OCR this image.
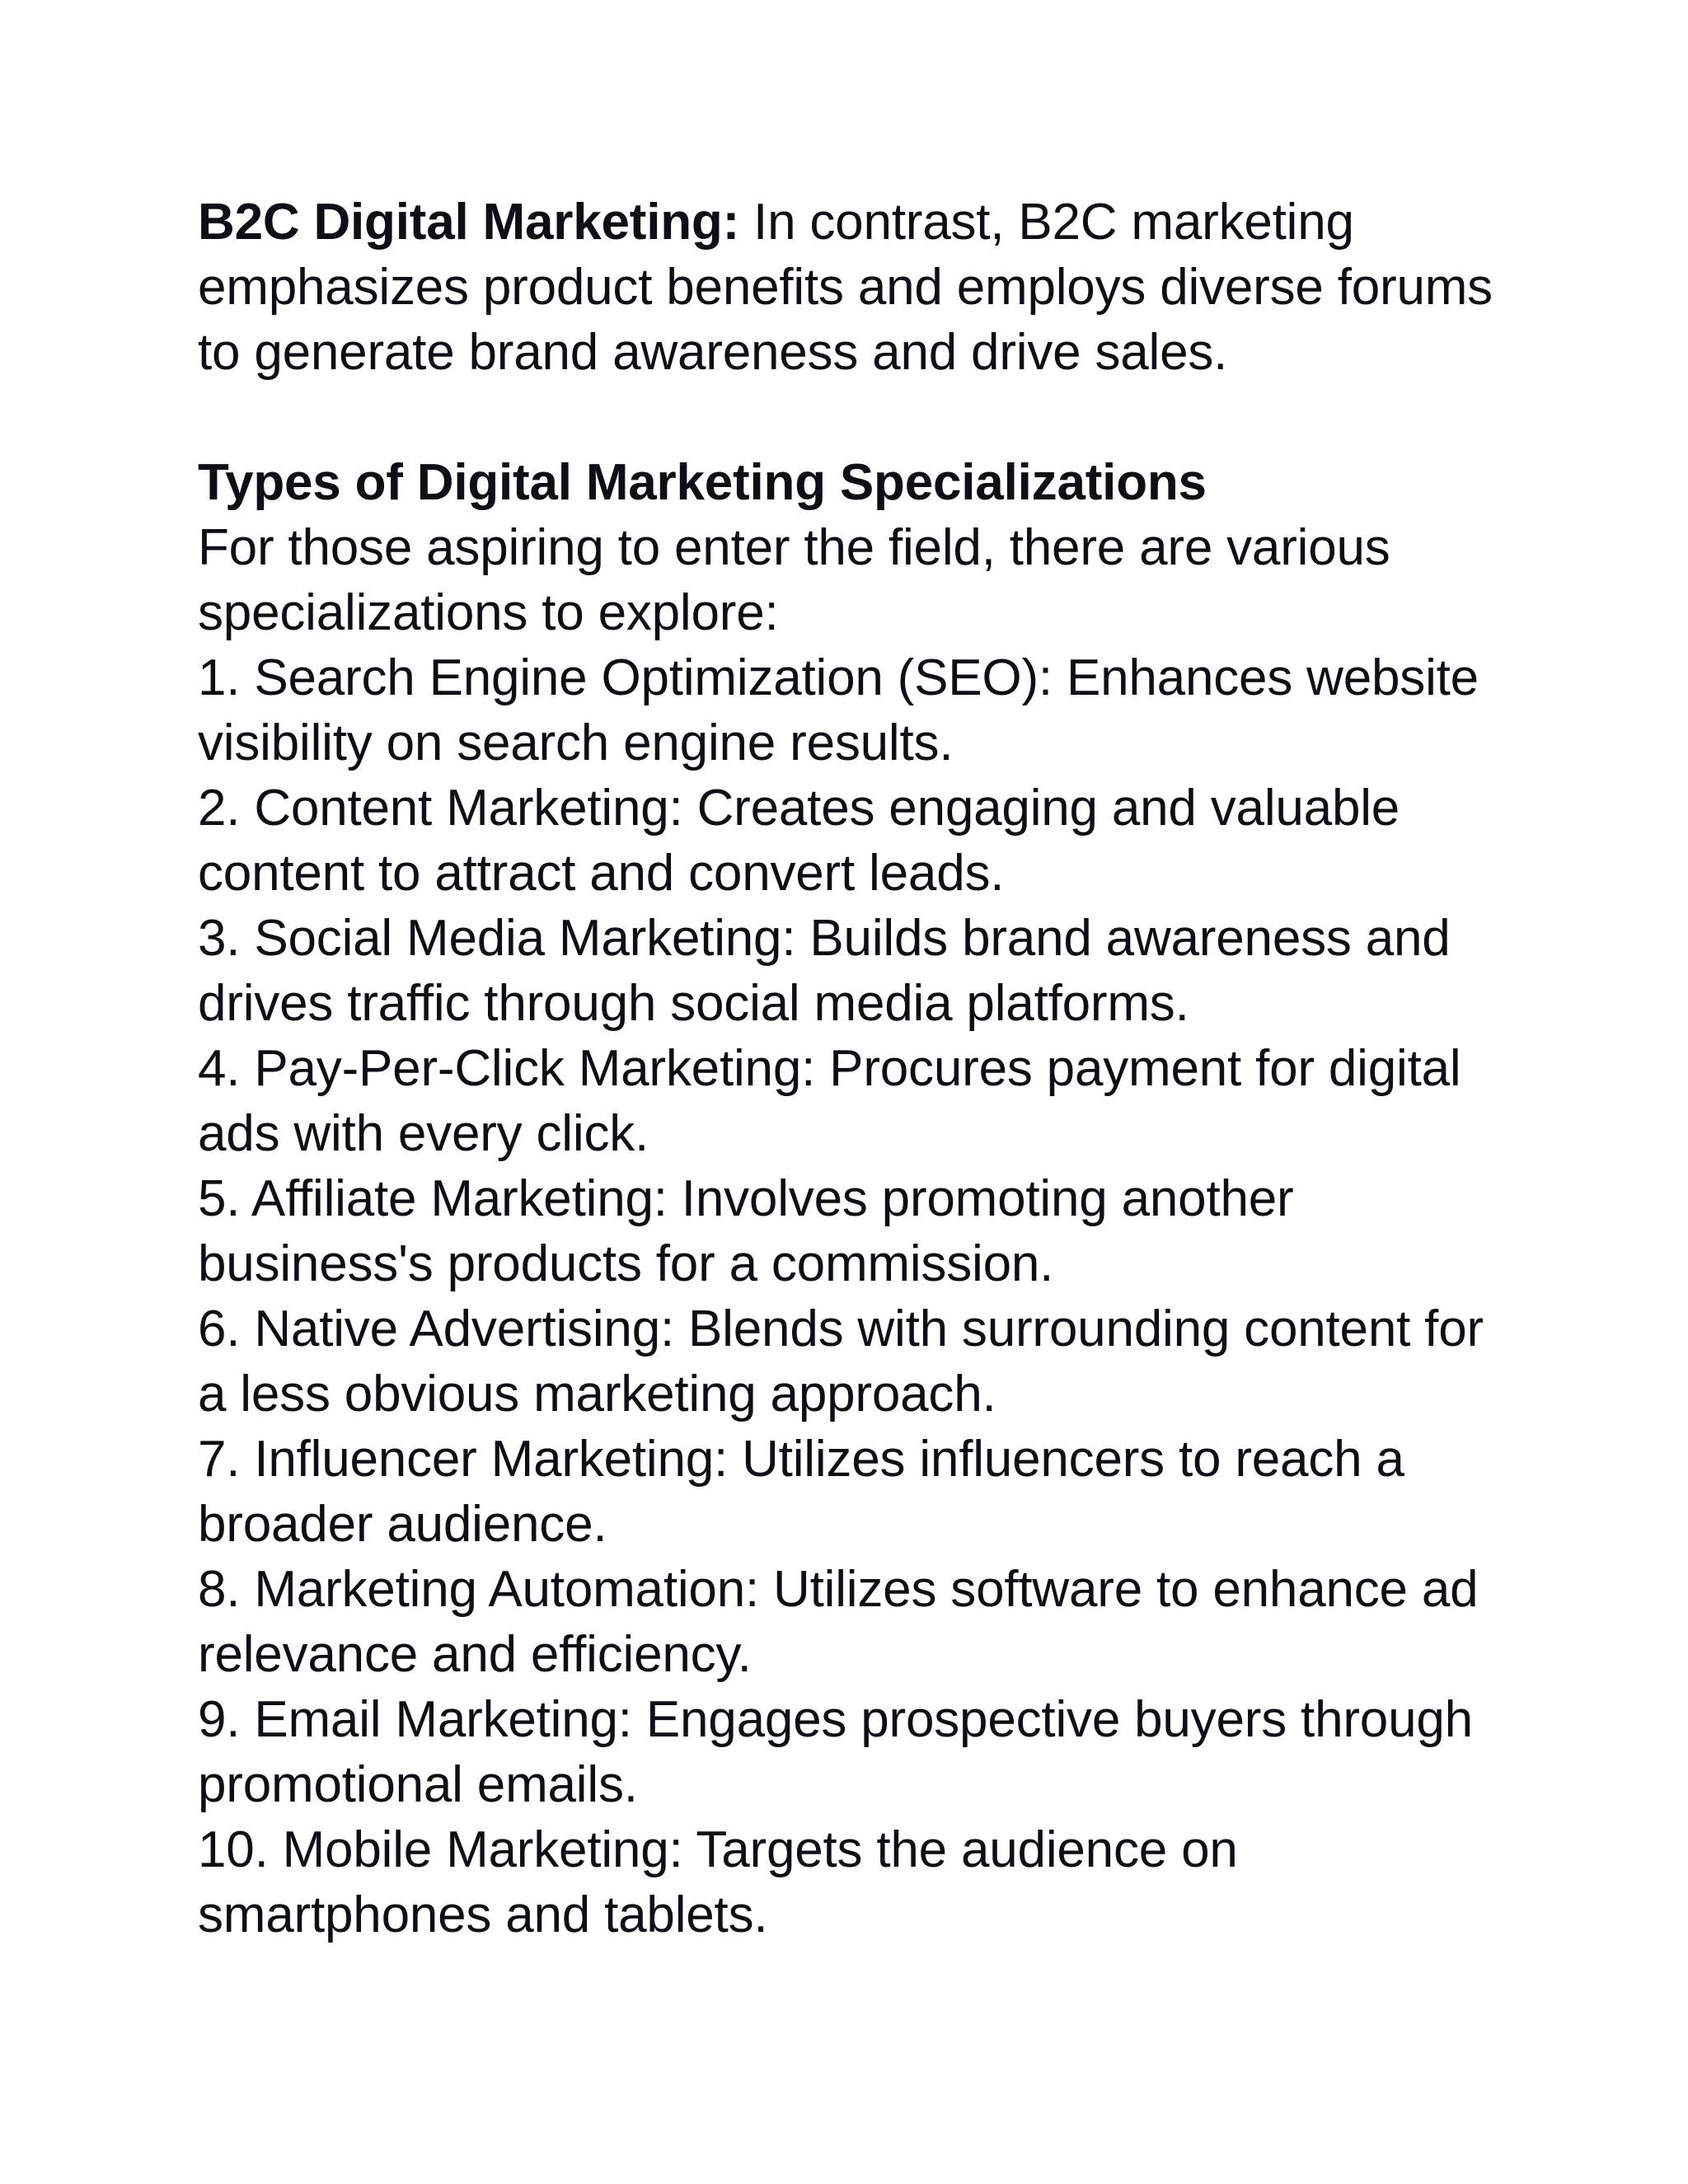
B2C Digital Marketing: In contrast, B2C marketing emphasizes product benefits and employs diverse forums to generate brand awareness and drive sales.

Types of Digital Marketing Specializations

For those aspiring to enter the field, there are various specializations to explore:

1. Search Engine Optimization (SEO): Enhances website visibility on search engine results.
2. Content Marketing: Creates engaging and valuable content to attract and convert leads.
3. Social Media Marketing: Builds brand awareness and drives traffic through social media platforms.
4. Pay-Per-Click Marketing: Procures payment for digital ads with every click.
5. Affiliate Marketing: Involves promoting another business's products for a commission.
6. Native Advertising: Blends with surrounding content for a less obvious marketing approach.
7. Influencer Marketing: Utilizes influencers to reach a broader audience.
8. Marketing Automation: Utilizes software to enhance ad relevance and efficiency.
9. Email Marketing: Engages prospective buyers through promotional emails.
10. Mobile Marketing: Targets the audience on smartphones and tablets.
